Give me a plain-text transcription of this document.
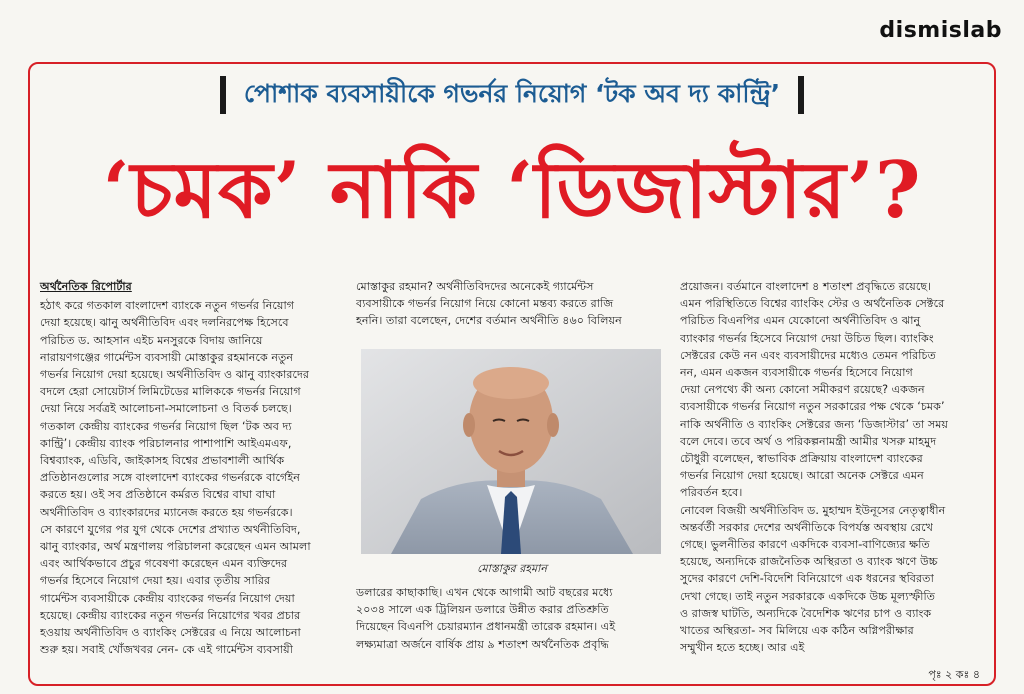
dismislab
পোশাক ব্যবসায়ীকে গভর্নর নিয়োগ ‘টক অব দ্য কান্ট্রি’
‘চমক’ নাকি ‘ডিজাস্টার’?
অর্থনৈতিক রিপোর্টার
হঠাৎ করে গতকাল বাংলাদেশ ব্যাংকে নতুন গভর্নর নিয়োগ
দেয়া হয়েছে। ঝানু অর্থনীতিবিদ এবং দলনিরপেক্ষ হিসেবে
পরিচিত ড. আহসান এইচ মনসুরকে বিদায় জানিয়ে
নারায়ণগঞ্জের গার্মেন্টস ব্যবসায়ী মোস্তাকুর রহমানকে নতুন
গভর্নর নিয়োগ দেয়া হয়েছে। অর্থনীতিবিদ ও ঝানু ব্যাংকারদের
বদলে হেরা সোয়েটার্স লিমিটেডের মালিককে গভর্নর নিয়োগ
দেয়া নিয়ে সর্বত্রই আলোচনা-সমালোচনা ও বিতর্ক চলছে।
গতকাল কেন্দ্রীয় ব্যাংকের গভর্নর নিয়োগ ছিল ‘টক অব দ্য
কান্ট্রি’। কেন্দ্রীয় ব্যাংক পরিচালনার পাশাপাশি আইএমএফ,
বিশ্বব্যাংক, এডিবি, জাইকাসহ বিশ্বের প্রভাবশালী আর্থিক
প্রতিষ্ঠানগুলোর সঙ্গে বাংলাদেশ ব্যাংকের গভর্নরকে বার্গেইন
করতে হয়। ওই সব প্রতিষ্ঠানে কর্মরত বিশ্বের বাঘা বাঘা
অর্থনীতিবিদ ও ব্যাংকারদের ম্যানেজ করতে হয় গভর্নরকে।
সে কারণে যুগের পর যুগ থেকে দেশের প্রখ্যাত অর্থনীতিবিদ,
ঝানু ব্যাংকার, অর্থ মন্ত্রণালয় পরিচালনা করেছেন এমন আমলা
এবং আর্থিকভাবে প্রচুর গবেষণা করেছেন এমন ব্যক্তিদের
গভর্নর হিসেবে নিয়োগ দেয়া হয়। এবার তৃতীয় সারির
গার্মেন্টস ব্যবসায়ীকে কেন্দ্রীয় ব্যাংকের গভর্নর নিয়োগ দেয়া
হয়েছে। কেন্দ্রীয় ব্যাংকের নতুন গভর্নর নিয়োগের খবর প্রচার
হওয়ায় অর্থনীতিবিদ ও ব্যাংকিং সেক্টরের এ নিয়ে আলোচনা
শুরু হয়। সবাই খোঁজখবর নেন- কে এই গার্মেন্টস ব্যবসায়ী
মোস্তাকুর রহমান? অর্থনীতিবিদদের অনেকেই গ্যার্মেন্টস
ব্যবসায়ীকে গভর্নর নিয়োগ নিয়ে কোনো মন্তব্য করতে রাজি
হননি। তারা বলেছেন, দেশের বর্তমান অর্থনীতি ৪৬০ বিলিয়ন
মোস্তাকুর রহমান
ডলারের কাছাকাছি। এখন থেকে আগামী আট বছরের মধ্যে
২০৩৪ সালে এক ট্রিলিয়ন ডলারে উন্নীত করার প্রতিশ্রুতি
দিয়েছেন বিএনপি চেয়ারম্যান প্রধানমন্ত্রী তারেক রহমান। এই
লক্ষ্যমাত্রা অর্জনে বার্ষিক প্রায় ৯ শতাংশ অর্থনৈতিক প্রবৃদ্ধি
প্রয়োজন। বর্তমানে বাংলাদেশ ৪ শতাংশ প্রবৃদ্ধিতে রয়েছে।
এমন পরিস্থিতিতে বিশ্বের ব্যাংকিং স্টের ও অর্থনৈতিক সেক্টরে
পরিচিত বিএনপির এমন যেকোনো অর্থনীতিবিদ ও ঝানু
ব্যাংকার গভর্নর হিসেবে নিয়োগ দেয়া উচিত ছিল। ব্যাংকিং
সেক্টরের কেউ নন এবং ব্যবসায়ীদের মধ্যেও তেমন পরিচিত
নন, এমন একজন ব্যবসায়ীকে গভর্নর হিসেবে নিয়োগ
দেয়া নেপথ্যে কী অন্য কোনো সমীকরণ রয়েছে? একজন
ব্যবসায়ীকে গভর্নর নিয়োগ নতুন সরকারের পক্ষ থেকে ‘চমক’
নাকি অর্থনীতি ও ব্যাংকিং সেক্টরের জন্য ‘ডিজাস্টার’ তা সময়
বলে দেবে। তবে অর্থ ও পরিকল্পনামন্ত্রী আমীর খসরু মাহমুদ
চৌধুরী বলেছেন, স্বাভাবিক প্রক্রিয়ায় বাংলাদেশ ব্যাংকের
গভর্নর নিয়োগ দেয়া হয়েছে। আরো অনেক সেক্টরে এমন
পরিবর্তন হবে।
নোবেল বিজয়ী অর্থনীতিবিদ ড. মুহাম্মদ ইউনূসের নেতৃত্বাধীন
অন্তর্বর্তী সরকার দেশের অর্থনীতিকে বিপর্যস্ত অবস্থায় রেখে
গেছে। ভুলনীতির কারণে একদিকে ব্যবসা-বাণিজ্যের ক্ষতি
হয়েছে, অন্যদিকে রাজনৈতিক অস্থিরতা ও ব্যাংক ঋণে উচ্চ
সুদের কারণে দেশি-বিদেশি বিনিয়োগে এক ধরনের স্থবিরতা
দেখা গেছে। তাই নতুন সরকারকে একদিকে উচ্চ মূল্যস্ফীতি
ও রাজস্ব ঘাটতি, অন্যদিকে বৈদেশিক ঋণের চাপ ও ব্যাংক
খাতের অস্থিরতা- সব মিলিয়ে এক কঠিন অগ্নিপরীক্ষার
সম্মুখীন হতে হচ্ছে। আর এই
পৃঃ ২ কঃ ৪
